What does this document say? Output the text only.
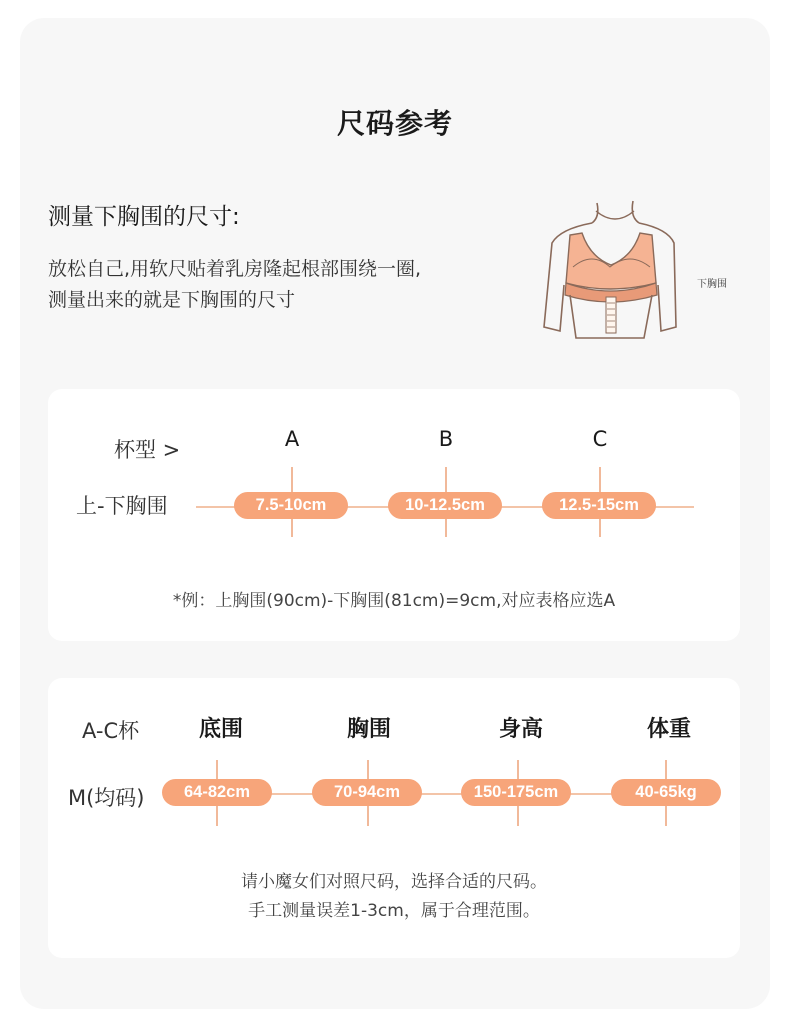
尺码参考
测量下胸围的尺寸:
放松自己,用软尺贴着乳房隆起根部围绕一圈,
测量出来的就是下胸围的尺寸
下胸围
杯型 >
上-下胸围
A	B	C
7.5-10cm	10-12.5cm	12.5-15cm
*例：上胸围(90cm)-下胸围(81cm)=9cm,对应表格应选A
A-C杯
M(均码)
底围	胸围	身高	体重
64-82cm	70-94cm	150-175cm	40-65kg
请小魔女们对照尺码，选择合适的尺码。
手工测量误差1-3cm，属于合理范围。
